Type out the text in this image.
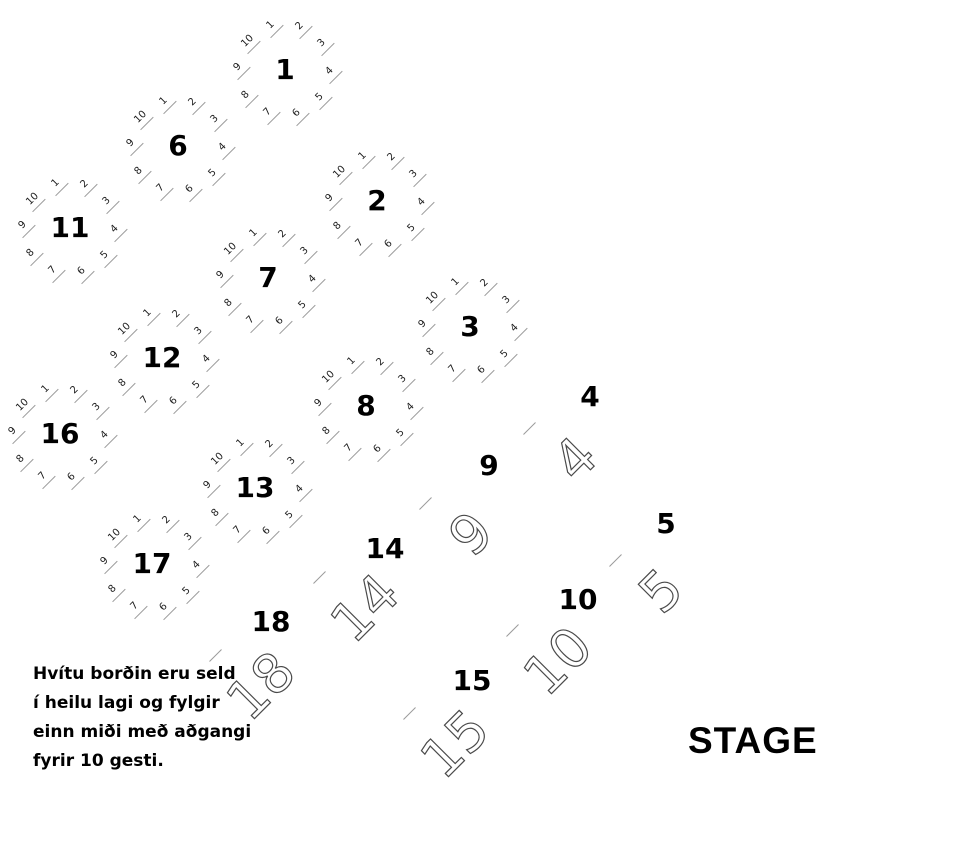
1
1	2
3
4
5
6
7
8
9
10
6
1	2
3
4
5
6
7
8
9
10
11
1	2
3
4
5
6
7
8
9
10	2
1	2
3
4
5
6
7
8
9
10
7
1	2
3
4
5
6
7
8
9
10
12
1	2
3
4
5
6
7
8
9
10
16
1	2
3
4
5
6
7
8
9
10
3
1	2
3
4
5
6
7
8
9
10
8
1	2
3
4
5
6
7
8
9
10
13
1	2
3
4
5
6
7
8
9
10
17
1	2
3
4
5
6
7
8
9
10
4
4
9
9
14
14
18
18
5
5
10
10
15
15
Hvítu borðin eru seld
í heilu lagi og fylgir
einn miði með aðgangi
fyrir 10 gesti.	STAGE
